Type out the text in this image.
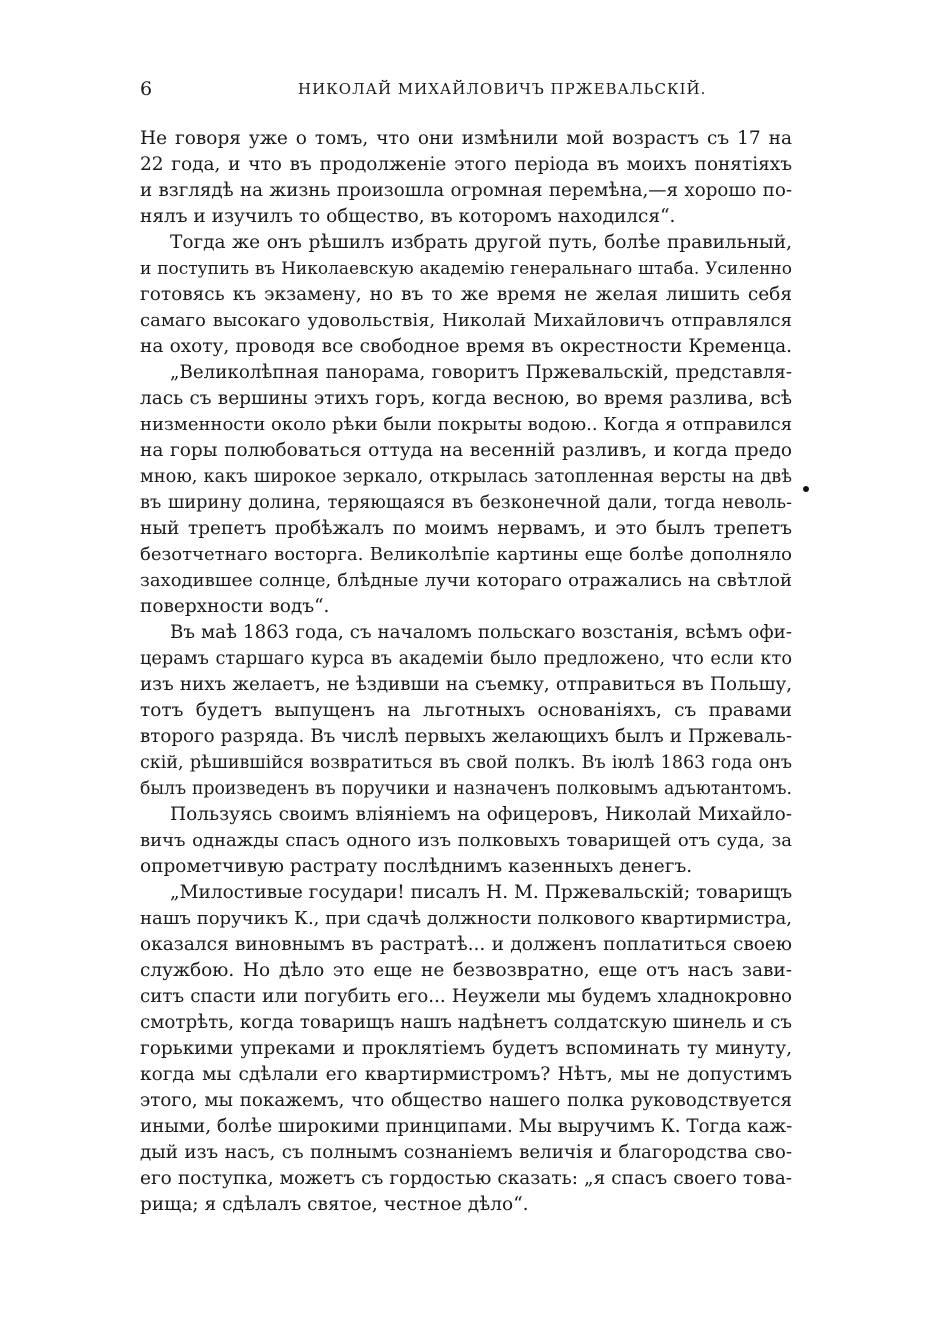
6	НИКОЛАЙ МИХАЙЛОВИЧЪ ПРЖЕВАЛЬСКІЙ.
Не говоря уже о томъ, что они измѣнили мой возрастъ съ 17 на
22 года, и что въ продолженіе этого періода въ моихъ понятіяхъ
и взглядѣ на жизнь произошла огромная перемѣна,—я хорошо по-
нялъ и изучилъ то общество, въ которомъ находился“.
Тогда же онъ рѣшилъ избрать другой путь, болѣе правильный,
и поступить въ Николаевскую академію генеральнаго штаба. Усиленно
готовясь къ экзамену, но въ то же время не желая лишить себя
самаго высокаго удовольствія, Николай Михайловичъ отправлялся
на охоту, проводя все свободное время въ окрестности Кременца.
„Великолѣпная панорама, говоритъ Пржевальскій, представля-
лась съ вершины этихъ горъ, когда весною, во время разлива, всѣ
низменности около рѣки были покрыты водою.. Когда я отправился
на горы полюбоваться оттуда на весенній разливъ, и когда предо
мною, какъ широкое зеркало, открылась затопленная версты на двѣ
въ ширину долина, теряющаяся въ безконечной дали, тогда неволь-
ный трепетъ пробѣжалъ по моимъ нервамъ, и это былъ трепетъ
безотчетнаго восторга. Великолѣпіе картины еще болѣе дополняло
заходившее солнце, блѣдные лучи котораго отражались на свѣтлой
поверхности водъ“.
Въ маѣ 1863 года, съ началомъ польскаго возстанія, всѣмъ офи-
церамъ старшаго курса въ академіи было предложено, что если кто
изъ нихъ желаетъ, не ѣздивши на съемку, отправиться въ Польшу,
тотъ будетъ выпущенъ на льготныхъ основаніяхъ, съ правами
второго разряда. Въ числѣ первыхъ желающихъ былъ и Пржеваль-
скій, рѣшившійся возвратиться въ свой полкъ. Въ іюлѣ 1863 года онъ
былъ произведенъ въ поручики и назначенъ полковымъ адъютантомъ.
Пользуясь своимъ вліяніемъ на офицеровъ, Николай Михайло-
вичъ однажды спасъ одного изъ полковыхъ товарищей отъ суда, за
опрометчивую растрату послѣднимъ казенныхъ денегъ.
„Милостивые государи! писалъ Н. М. Пржевальскій; товарищъ
нашъ поручикъ К., при сдачѣ должности полкового квартирмистра,
оказался виновнымъ въ растратѣ... и долженъ поплатиться своею
службою. Но дѣло это еще не безвозвратно, еще отъ насъ зави-
ситъ спасти или погубить его... Неужели мы будемъ хладнокровно
смотрѣть, когда товарищъ нашъ надѣнетъ солдатскую шинель и съ
горькими упреками и проклятіемъ будетъ вспоминать ту минуту,
когда мы сдѣлали его квартирмистромъ? Нѣтъ, мы не допустимъ
этого, мы покажемъ, что общество нашего полка руководствуется
иными, болѣе широкими принципами. Мы выручимъ К. Тогда каж-
дый изъ насъ, съ полнымъ сознаніемъ величія и благородства сво-
его поступка, можетъ съ гордостью сказать: „я спасъ своего това-
рища; я сдѣлалъ святое, честное дѣло“.
